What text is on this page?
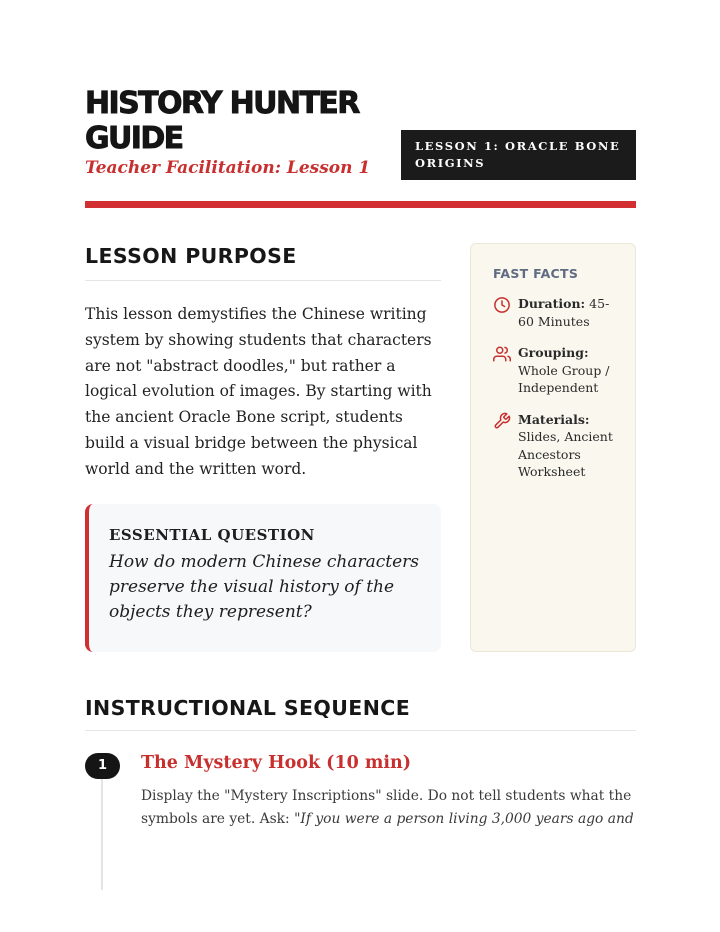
HISTORY HUNTER GUIDE
Teacher Facilitation: Lesson 1
LESSON 1: ORACLE BONE ORIGINS
LESSON PURPOSE
This lesson demystifies the Chinese writing system by showing students that characters are not "abstract doodles," but rather a logical evolution of images. By starting with the ancient Oracle Bone script, students build a visual bridge between the physical world and the written word.
ESSENTIAL QUESTION
How do modern Chinese characters preserve the visual history of the objects they represent?
FAST FACTS
Duration: 45-60 Minutes
Grouping:
Whole Group / Independent
Materials:
Slides, Ancient Ancestors Worksheet
INSTRUCTIONAL SEQUENCE
1	The Mystery Hook (10 min)
Display the "Mystery Inscriptions" slide. Do not tell students what the symbols are yet. Ask: "If you were a person living 3,000 years ago and
